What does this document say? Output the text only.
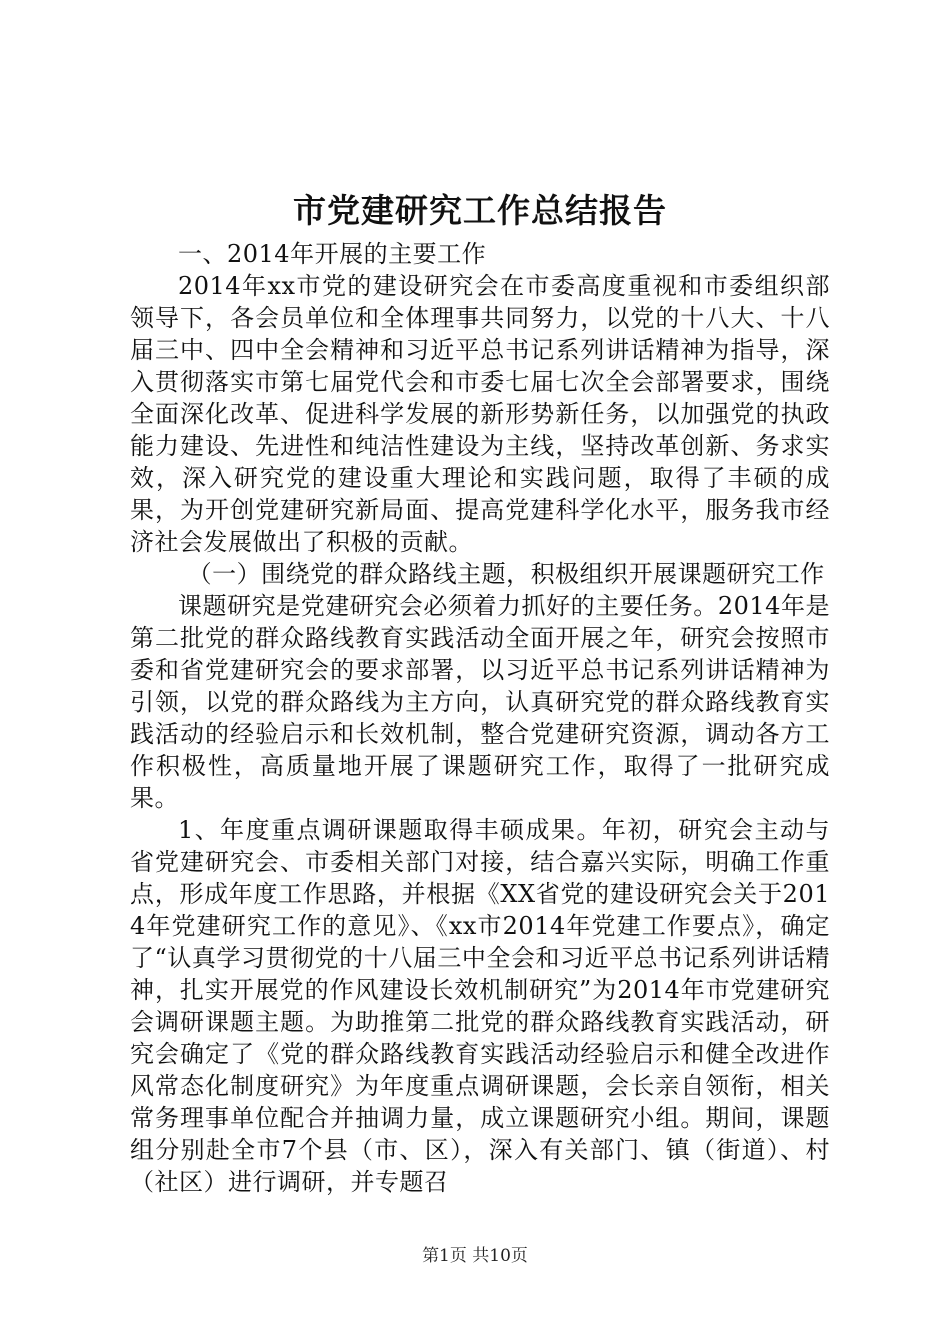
市党建研究工作总结报告

一、2014年开展的主要工作

2014年xx市党的建设研究会在市委高度重视和市委组织部领导下，各会员单位和全体理事共同努力，以党的十八大、十八届三中、四中全会精神和习近平总书记系列讲话精神为指导，深入贯彻落实市第七届党代会和市委七届七次全会部署要求，围绕全面深化改革、促进科学发展的新形势新任务，以加强党的执政能力建设、先进性和纯洁性建设为主线，坚持改革创新、务求实效，深入研究党的建设重大理论和实践问题，取得了丰硕的成果，为开创党建研究新局面、提高党建科学化水平，服务我市经济社会发展做出了积极的贡献。

（一）围绕党的群众路线主题，积极组织开展课题研究工作

课题研究是党建研究会必须着力抓好的主要任务。2014年是第二批党的群众路线教育实践活动全面开展之年，研究会按照市委和省党建研究会的要求部署，以习近平总书记系列讲话精神为引领，以党的群众路线为主方向，认真研究党的群众路线教育实践活动的经验启示和长效机制，整合党建研究资源，调动各方工作积极性，高质量地开展了课题研究工作，取得了一批研究成果。

1、年度重点调研课题取得丰硕成果。年初，研究会主动与省党建研究会、市委相关部门对接，结合嘉兴实际，明确工作重点，形成年度工作思路，并根据《XX省党的建设研究会关于2014年党建研究工作的意见》、《xx市2014年党建工作要点》，确定了“认真学习贯彻党的十八届三中全会和习近平总书记系列讲话精神，扎实开展党的作风建设长效机制研究”为2014年市党建研究会调研课题主题。为助推第二批党的群众路线教育实践活动，研究会确定了《党的群众路线教育实践活动经验启示和健全改进作风常态化制度研究》为年度重点调研课题，会长亲自领衔，相关常务理事单位配合并抽调力量，成立课题研究小组。期间，课题组分别赴全市7个县（市、区），深入有关部门、镇（街道）、村（社区）进行调研，并专题召

第1页 共10页
